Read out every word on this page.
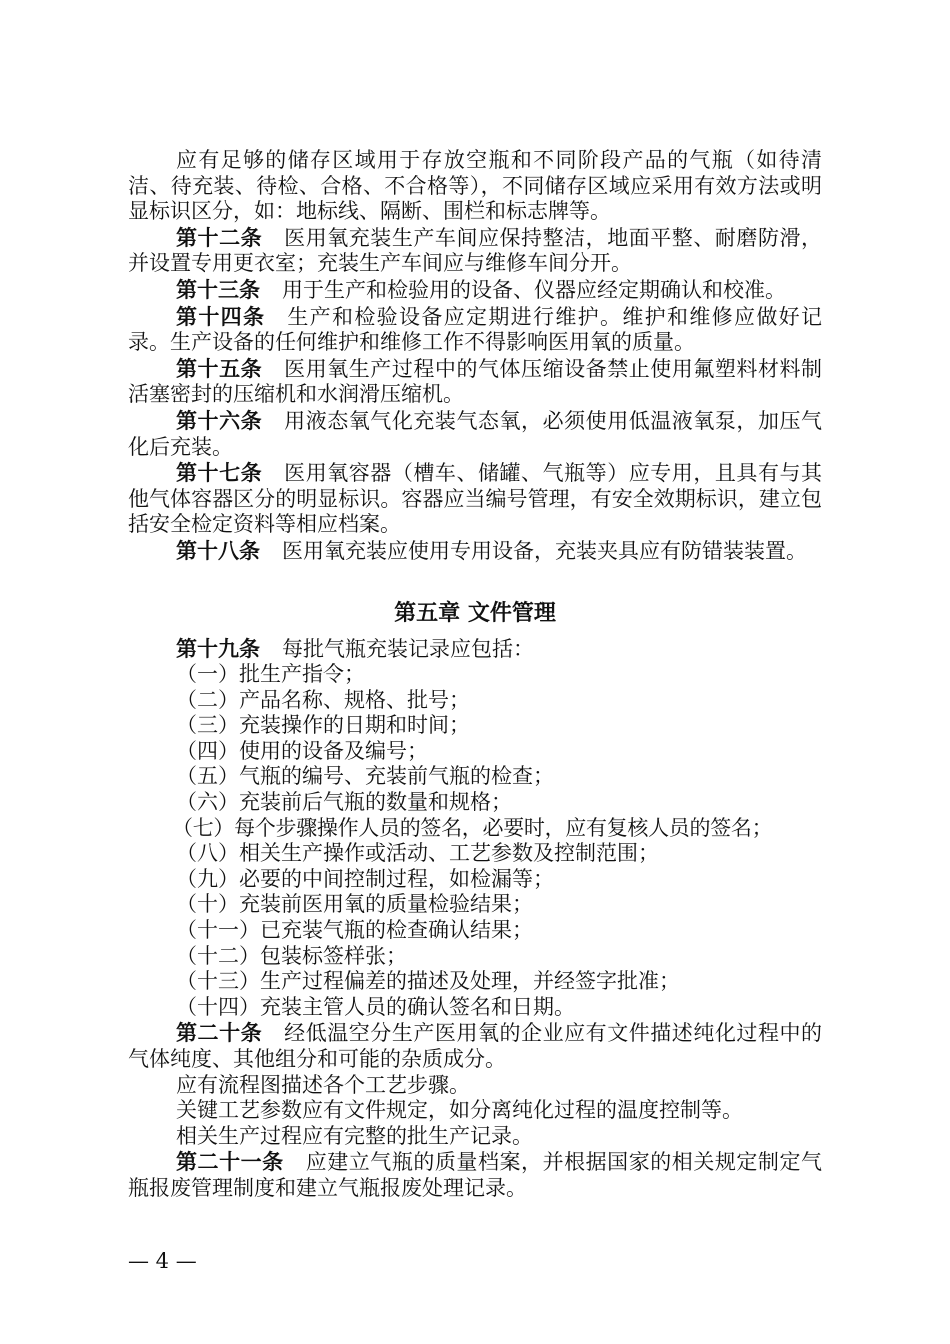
应有足够的储存区域用于存放空瓶和不同阶段产品的气瓶（如待清洁、待充装、待检、合格、不合格等），不同储存区域应采用有效方法或明显标识区分，如：地标线、隔断、围栏和标志牌等。

第十二条 医用氧充装生产车间应保持整洁，地面平整、耐磨防滑，并设置专用更衣室；充装生产车间应与维修车间分开。

第十三条 用于生产和检验用的设备、仪器应经定期确认和校准。

第十四条 生产和检验设备应定期进行维护。维护和维修应做好记录。生产设备的任何维护和维修工作不得影响医用氧的质量。

第十五条 医用氧生产过程中的气体压缩设备禁止使用氟塑料材料制活塞密封的压缩机和水润滑压缩机。

第十六条 用液态氧气化充装气态氧，必须使用低温液氧泵，加压气化后充装。

第十七条 医用氧容器（槽车、储罐、气瓶等）应专用，且具有与其他气体容器区分的明显标识。容器应当编号管理，有安全效期标识，建立包括安全检定资料等相应档案。

第十八条 医用氧充装应使用专用设备，充装夹具应有防错装装置。

第五章 文件管理

第十九条 每批气瓶充装记录应包括：

（一）批生产指令；

（二）产品名称、规格、批号；

（三）充装操作的日期和时间；

（四）使用的设备及编号；

（五）气瓶的编号、充装前气瓶的检查；

（六）充装前后气瓶的数量和规格；

（七）每个步骤操作人员的签名，必要时，应有复核人员的签名；

（八）相关生产操作或活动、工艺参数及控制范围；

（九）必要的中间控制过程，如检漏等；

（十）充装前医用氧的质量检验结果；

（十一）已充装气瓶的检查确认结果；

（十二）包装标签样张；

（十三）生产过程偏差的描述及处理，并经签字批准；

（十四）充装主管人员的确认签名和日期。

第二十条 经低温空分生产医用氧的企业应有文件描述纯化过程中的气体纯度、其他组分和可能的杂质成分。

应有流程图描述各个工艺步骤。

关键工艺参数应有文件规定，如分离纯化过程的温度控制等。

相关生产过程应有完整的批生产记录。

第二十一条 应建立气瓶的质量档案，并根据国家的相关规定制定气瓶报废管理制度和建立气瓶报废处理记录。

— 4 —
